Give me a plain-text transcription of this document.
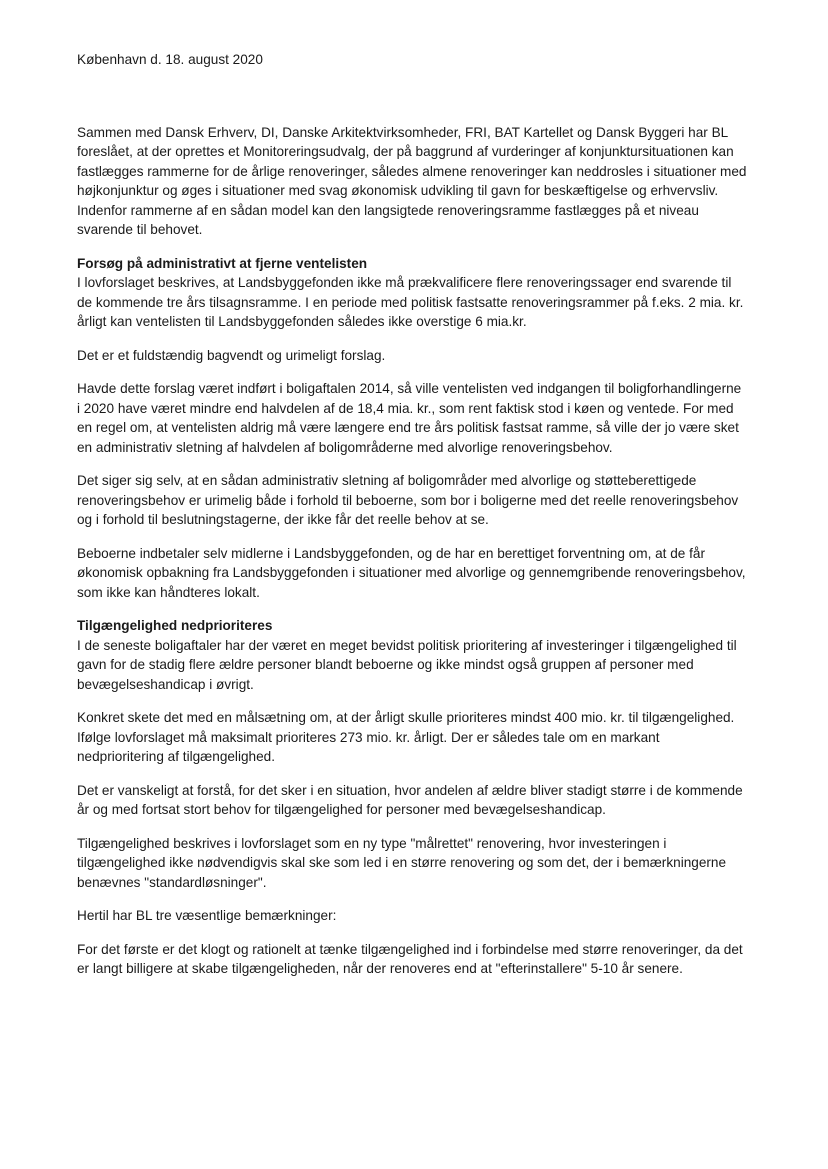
København d. 18. august 2020

Sammen med Dansk Erhverv, DI, Danske Arkitektvirksomheder, FRI, BAT Kartellet og Dansk Byggeri har BL foreslået, at der oprettes et Monitoreringsudvalg, der på baggrund af vurderinger af konjunktursituationen kan fastlægges rammerne for de årlige renoveringer, således almene renoveringer kan neddrosles i situationer med højkonjunktur og øges i situationer med svag økonomisk udvikling til gavn for beskæftigelse og erhvervsliv. Indenfor rammerne af en sådan model kan den langsigtede renoveringsramme fastlægges på et niveau svarende til behovet.

Forsøg på administrativt at fjerne ventelisten

I lovforslaget beskrives, at Landsbyggefonden ikke må prækvalificere flere renoveringssager end svarende til de kommende tre års tilsagnsramme. I en periode med politisk fastsatte renoveringsrammer på f.eks. 2 mia. kr. årligt kan ventelisten til Landsbyggefonden således ikke overstige 6 mia.kr.

Det er et fuldstændig bagvendt og urimeligt forslag.

Havde dette forslag været indført i boligaftalen 2014, så ville ventelisten ved indgangen til boligforhandlingerne i 2020 have været mindre end halvdelen af de 18,4 mia. kr., som rent faktisk stod i køen og ventede. For med en regel om, at ventelisten aldrig må være længere end tre års politisk fastsat ramme, så ville der jo være sket en administrativ sletning af halvdelen af boligområderne med alvorlige renoveringsbehov.

Det siger sig selv, at en sådan administrativ sletning af boligområder med alvorlige og støtteberettigede renoveringsbehov er urimelig både i forhold til beboerne, som bor i boligerne med det reelle renoveringsbehov og i forhold til beslutningstagerne, der ikke får det reelle behov at se.

Beboerne indbetaler selv midlerne i Landsbyggefonden, og de har en berettiget forventning om, at de får økonomisk opbakning fra Landsbyggefonden i situationer med alvorlige og gennemgribende renoveringsbehov, som ikke kan håndteres lokalt.

Tilgængelighed nedprioriteres

I de seneste boligaftaler har der været en meget bevidst politisk prioritering af investeringer i tilgængelighed til gavn for de stadig flere ældre personer blandt beboerne og ikke mindst også gruppen af personer med bevægelseshandicap i øvrigt.

Konkret skete det med en målsætning om, at der årligt skulle prioriteres mindst 400 mio. kr. til tilgængelighed. Ifølge lovforslaget må maksimalt prioriteres 273 mio. kr. årligt. Der er således tale om en markant nedprioritering af tilgængelighed.

Det er vanskeligt at forstå, for det sker i en situation, hvor andelen af ældre bliver stadigt større i de kommende år og med fortsat stort behov for tilgængelighed for personer med bevægelseshandicap.

Tilgængelighed beskrives i lovforslaget som en ny type "målrettet" renovering, hvor investeringen i tilgængelighed ikke nødvendigvis skal ske som led i en større renovering og som det, der i bemærkningerne benævnes "standardløsninger".

Hertil har BL tre væsentlige bemærkninger:

For det første er det klogt og rationelt at tænke tilgængelighed ind i forbindelse med større renoveringer, da det er langt billigere at skabe tilgængeligheden, når der renoveres end at "efterinstallere" 5-10 år senere.
